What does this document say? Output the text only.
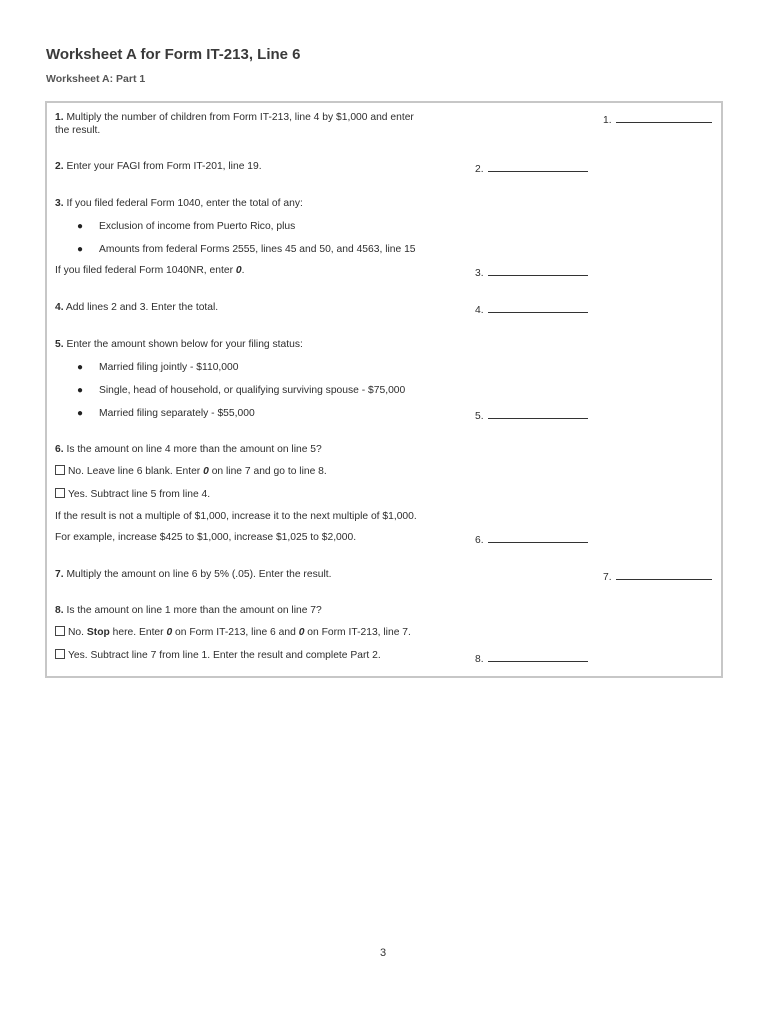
Worksheet A for Form IT-213, Line 6
Worksheet A: Part 1
1. Multiply the number of children from Form IT-213, line 4 by $1,000 and enter
the result.
1.
2. Enter your FAGI from Form IT-201, line 19.	2.
3. If you filed federal Form 1040, enter the total of any:
● Exclusion of income from Puerto Rico, plus
● Amounts from federal Forms 2555, lines 45 and 50, and 4563, line 15
If you filed federal Form 1040NR, enter 0.	3.
4. Add lines 2 and 3. Enter the total.	4.
5. Enter the amount shown below for your filing status:
● Married filing jointly - $110,000
● Single, head of household, or qualifying surviving spouse - $75,000
● Married filing separately - $55,000	5.
6. Is the amount on line 4 more than the amount on line 5?
No. Leave line 6 blank. Enter 0 on line 7 and go to line 8.
Yes. Subtract line 5 from line 4.
If the result is not a multiple of $1,000, increase it to the next multiple of $1,000.
For example, increase $425 to $1,000, increase $1,025 to $2,000.	6.
7. Multiply the amount on line 6 by 5% (.05). Enter the result.	7.
8. Is the amount on line 1 more than the amount on line 7?
No. Stop here. Enter 0 on Form IT-213, line 6 and 0 on Form IT-213, line 7.
Yes. Subtract line 7 from line 1. Enter the result and complete Part 2.	8.
3
